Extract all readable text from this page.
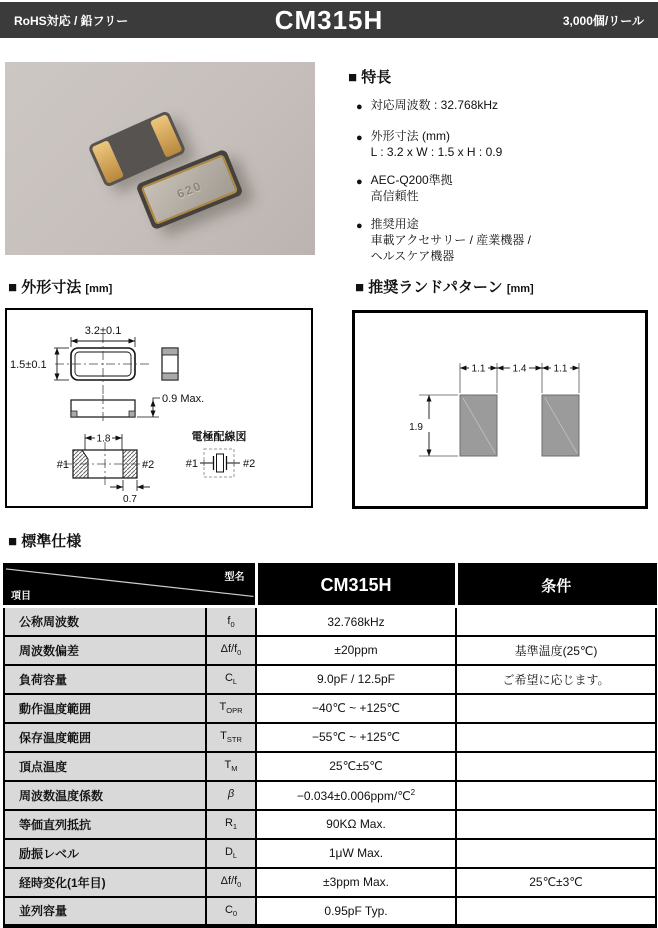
RoHS対応 / 鉛フリー	CM315H	3,000個/リール
620
■ 特長
● 対応周波数 : 32.768kHz
● 外形寸法 (mm)
L : 3.2 x W : 1.5 x H : 0.9
● AEC-Q200準拠
高信頼性
● 推奨用途
車載アクセサリー / 産業機器 /
ヘルスケア機器
■ 外形寸法 [mm]	■ 推奨ランドパターン [mm]
3.2±0.1
1.5±0.1
0.9 Max.
#1	#2
1.8
0.7
電極配線図
#1	#2
1.1	1.4	1.1
1.9
■ 標準仕様
型名
項目		CM315H	条件
公称周波数	$f_0$	32.768kHz	
周波数偏差	$\Delta f/f_0$	±20ppm	基準温度(25℃)
負荷容量	$C_L$	9.0pF / 12.5pF	ご希望に応じます。
動作温度範囲	$T_{OPR}$	−40℃ ~ +125℃	
保存温度範囲	$T_{STR}$	−55℃ ~ +125℃	
頂点温度	$T_M$	25℃±5℃	
周波数温度係数	β	−0.034±0.006ppm/℃$^2$	
等価直列抵抗	$R_1$	90KΩ Max.	
励振レベル	$D_L$	1μW Max.	
経時変化(1年目)	$\Delta f/f_0$	±3ppm Max.	25℃±3℃
並列容量	$C_0$	0.95pF Typ.	
